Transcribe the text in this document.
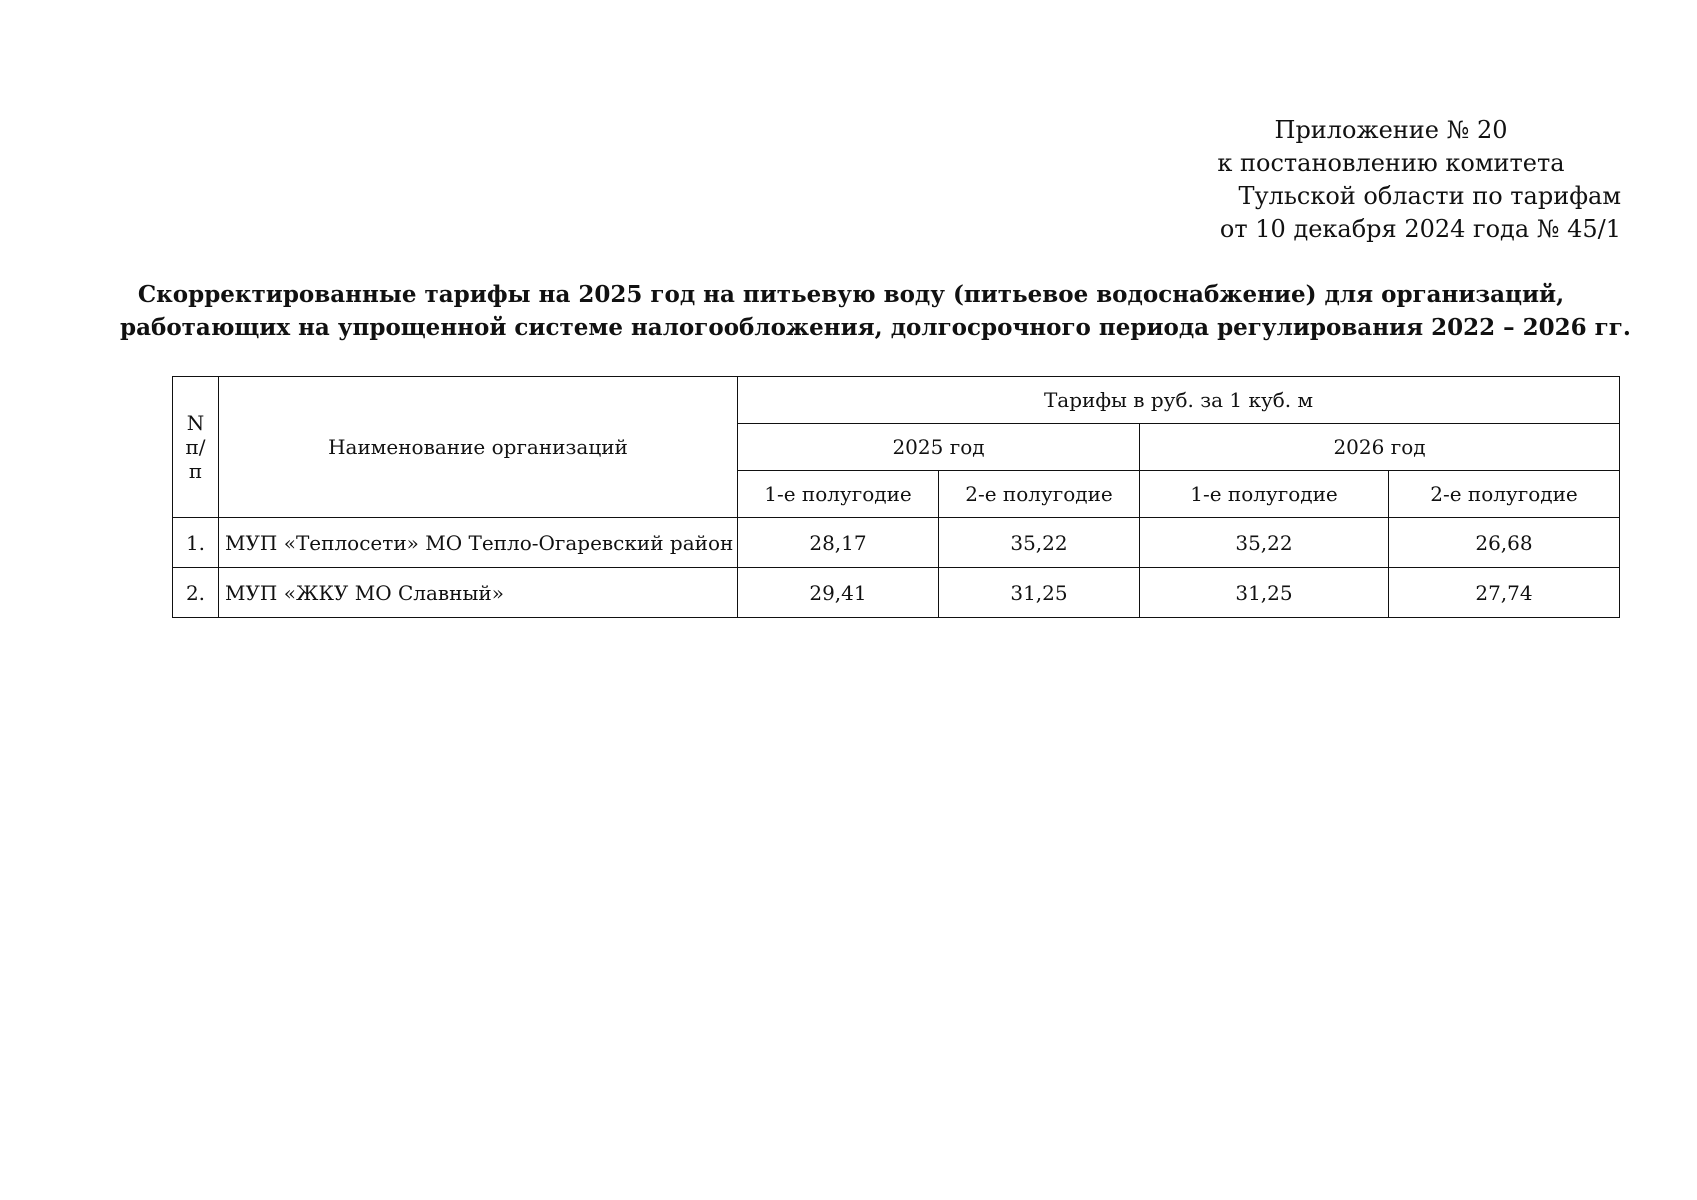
Приложение № 20
к постановлению комитета
Тульской области по тарифам
от 10 декабря 2024 года № 45/1
Скорректированные тарифы на 2025 год на питьевую воду (питьевое водоснабжение) для организаций,
работающих на упрощенной системе налогообложения, долгосрочного периода регулирования 2022 – 2026 гг.
N
п/п	Наименование организаций	Тарифы в руб. за 1 куб. м			
		2025 год		2026 год	
		1-е полугодие	2-е полугодие	1-е полугодие	2-е полугодие
1.	МУП «Теплосети» МО Тепло-Огаревский район	28,17	35,22	35,22	26,68
2.	МУП «ЖКУ МО Славный»	29,41	31,25	31,25	27,74
